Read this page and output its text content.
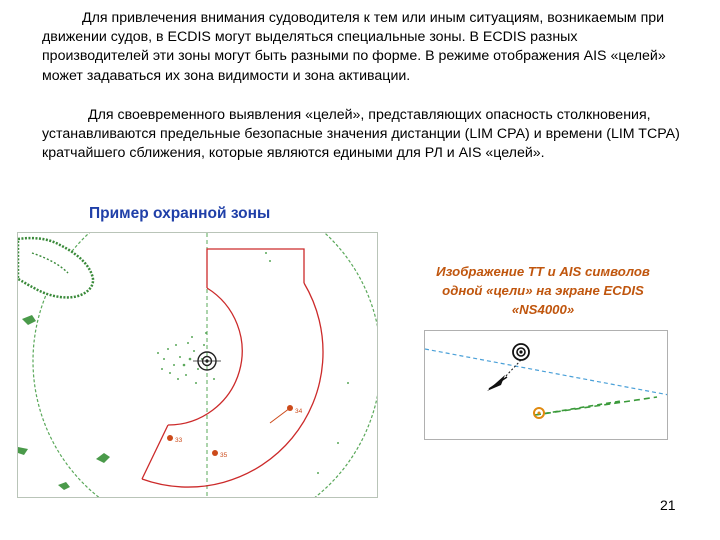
Для привлечения внимания судоводителя к тем или иным ситуациям, возникаемым при движении судов, в ECDIS могут выделяться специальные зоны. В ECDIS разных производителей эти зоны могут быть разными по форме. В режиме отображения AIS «целей» может задаваться их зона видимости и зона активации.

Для своевременного выявления «целей», представляющих опасность столкновения, устанавливаются предельные безопасные значения дистанции (LIM CPA) и времени (LIM TCPA) кратчайшего сближения, которые являются едиными для РЛ и AIS «целей».

Пример охранной зоны
34
33
35
Изображение ТТ и AIS символов
одной «цели» на экране ECDIS
«NS4000»
21
